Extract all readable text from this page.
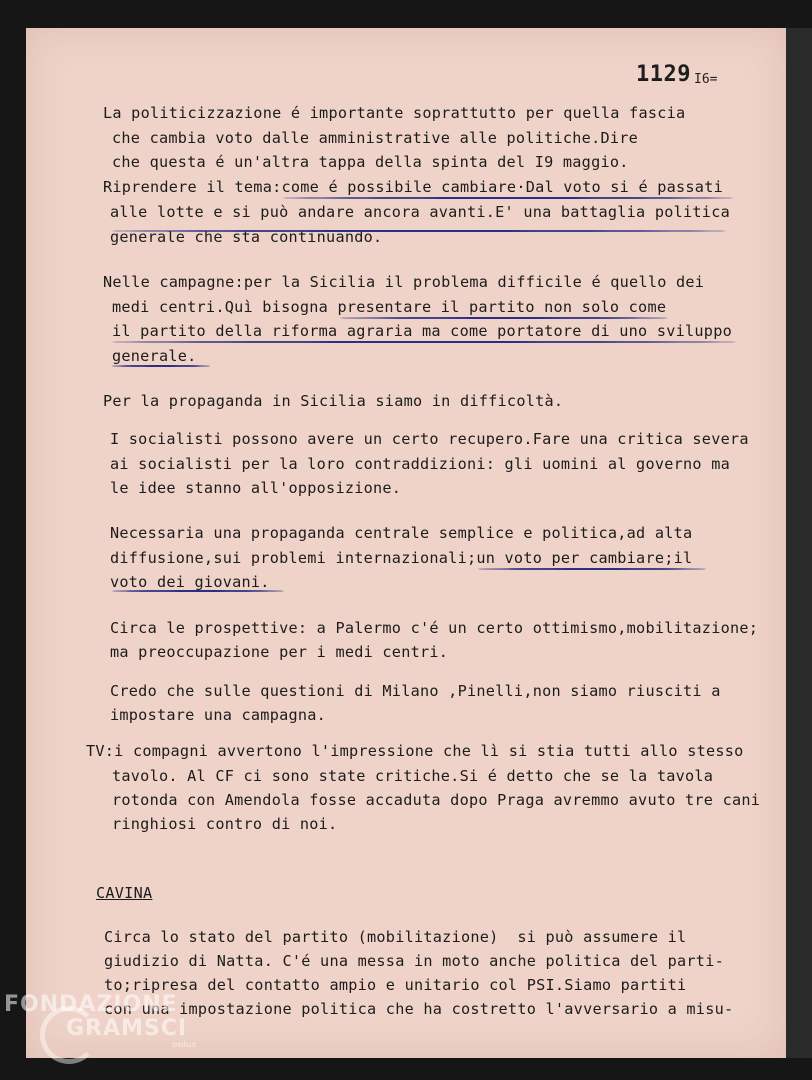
1129 I6=
La politicizzazione é importante soprattutto per quella fascia
che cambia voto dalle amministrative alle politiche.Dire
che questa é un'altra tappa della spinta del I9 maggio.
Riprendere il tema:come é possibile cambiare·Dal voto si é passati
alle lotte e si può andare ancora avanti.E' una battaglia politica
generale che sta continuando.
Nelle campagne:per la Sicilia il problema difficile é quello dei
medi centri.Quì bisogna presentare il partito non solo come
il partito della riforma agraria ma come portatore di uno sviluppo
generale.
Per la propaganda in Sicilia siamo in difficoltà.
I socialisti possono avere un certo recupero.Fare una critica severa
ai socialisti per la loro contraddizioni: gli uomini al governo ma
le idee stanno all'opposizione.
Necessaria una propaganda centrale semplice e politica,ad alta
diffusione,sui problemi internazionali;un voto per cambiare;il
voto dei giovani.
Circa le prospettive: a Palermo c'é un certo ottimismo,mobilitazione;
ma preoccupazione per i medi centri.
Credo che sulle questioni di Milano ,Pinelli,non siamo riusciti a
impostare una campagna.
TV:i compagni avvertono l'impressione che lì si stia tutti allo stesso
tavolo. Al CF ci sono state critiche.Si é detto che se la tavola
rotonda con Amendola fosse accaduta dopo Praga avremmo avuto tre cani
ringhiosi contro di noi.
CAVINA
Circa lo stato del partito (mobilitazione)  si può assumere il
giudizio di Natta. C'é una messa in moto anche politica del parti-
to;ripresa del contatto ampio e unitario col PSI.Siamo partiti
con una impostazione politica che ha costretto l'avversario a misu-
FONDAZIONE
GRAMSCI
onlus
